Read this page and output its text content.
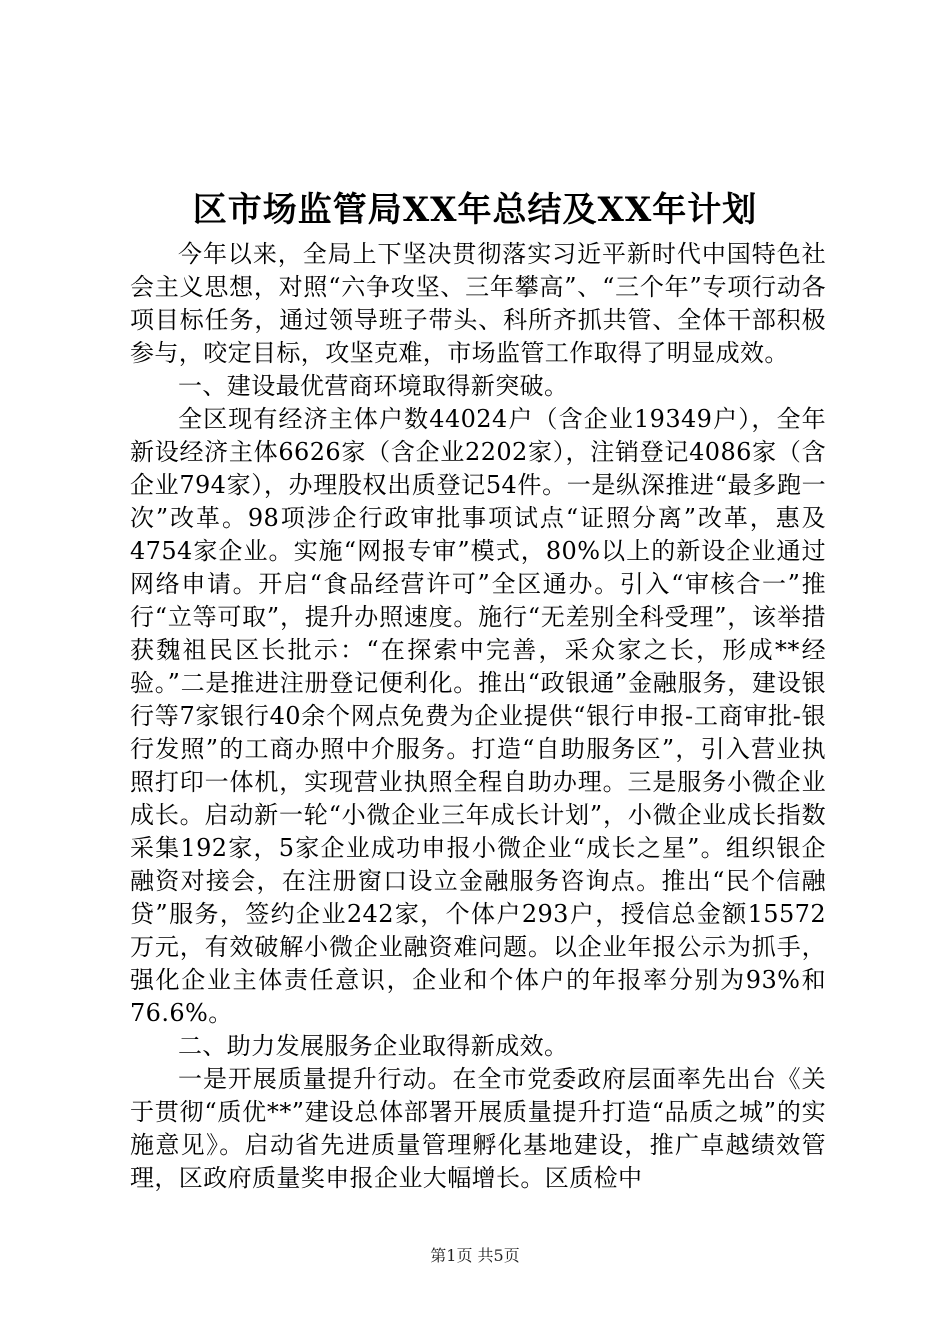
区市场监管局XX年总结及XX年计划

今年以来，全局上下坚决贯彻落实习近平新时代中国特色社会主义思想，对照“六争攻坚、三年攀高”、“三个年”专项行动各项目标任务，通过领导班子带头、科所齐抓共管、全体干部积极参与，咬定目标，攻坚克难，市场监管工作取得了明显成效。

一、建设最优营商环境取得新突破。

全区现有经济主体户数44024户（含企业19349户），全年新设经济主体6626家（含企业2202家），注销登记4086家（含企业794家），办理股权出质登记54件。一是纵深推进“最多跑一次”改革。98项涉企行政审批事项试点“证照分离”改革，惠及4754家企业。实施“网报专审”模式，80%以上的新设企业通过网络申请。开启“食品经营许可”全区通办。引入“审核合一”推行“立等可取”，提升办照速度。施行“无差别全科受理”，该举措获魏祖民区长批示：“在探索中完善，采众家之长，形成**经验。”二是推进注册登记便利化。推出“政银通”金融服务，建设银行等7家银行40余个网点免费为企业提供“银行申报-工商审批-银行发照”的工商办照中介服务。打造“自助服务区”，引入营业执照打印一体机，实现营业执照全程自助办理。三是服务小微企业成长。启动新一轮“小微企业三年成长计划”，小微企业成长指数采集192家，5家企业成功申报小微企业“成长之星”。组织银企融资对接会，在注册窗口设立金融服务咨询点。推出“民个信融贷”服务，签约企业242家，个体户293户，授信总金额15572万元，有效破解小微企业融资难问题。以企业年报公示为抓手，强化企业主体责任意识，企业和个体户的年报率分别为93%和76.6%。

二、助力发展服务企业取得新成效。

一是开展质量提升行动。在全市党委政府层面率先出台《关于贯彻“质优**”建设总体部署开展质量提升打造“品质之城”的实施意见》。启动省先进质量管理孵化基地建设，推广卓越绩效管理，区政府质量奖申报企业大幅增长。区质检中

第1页 共5页
